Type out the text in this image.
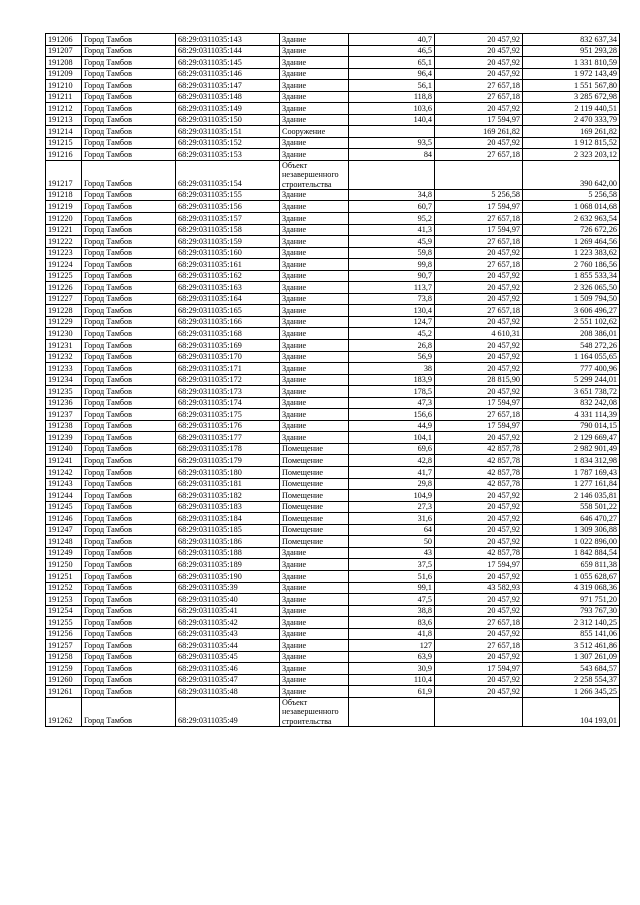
191206	Город Тамбов	68:29:0311035:143	Здание	40,7	20 457,92	832 637,34
191207	Город Тамбов	68:29:0311035:144	Здание	46,5	20 457,92	951 293,28
191208	Город Тамбов	68:29:0311035:145	Здание	65,1	20 457,92	1 331 810,59
191209	Город Тамбов	68:29:0311035:146	Здание	96,4	20 457,92	1 972 143,49
191210	Город Тамбов	68:29:0311035:147	Здание	56,1	27 657,18	1 551 567,80
191211	Город Тамбов	68:29:0311035:148	Здание	118,8	27 657,18	3 285 672,98
191212	Город Тамбов	68:29:0311035:149	Здание	103,6	20 457,92	2 119 440,51
191213	Город Тамбов	68:29:0311035:150	Здание	140,4	17 594,97	2 470 333,79
191214	Город Тамбов	68:29:0311035:151	Сооружение		169 261,82	169 261,82
191215	Город Тамбов	68:29:0311035:152	Здание	93,5	20 457,92	1 912 815,52
191216	Город Тамбов	68:29:0311035:153	Здание	84	27 657,18	2 323 203,12
191217	Город Тамбов	68:29:0311035:154	Объект незавершенного строительства			390 642,00
191218	Город Тамбов	68:29:0311035:155	Здание	34,8	5 256,58	5 256,58
191219	Город Тамбов	68:29:0311035:156	Здание	60,7	17 594,97	1 068 014,68
191220	Город Тамбов	68:29:0311035:157	Здание	95,2	27 657,18	2 632 963,54
191221	Город Тамбов	68:29:0311035:158	Здание	41,3	17 594,97	726 672,26
191222	Город Тамбов	68:29:0311035:159	Здание	45,9	27 657,18	1 269 464,56
191223	Город Тамбов	68:29:0311035:160	Здание	59,8	20 457,92	1 223 383,62
191224	Город Тамбов	68:29:0311035:161	Здание	99,8	27 657,18	2 760 186,56
191225	Город Тамбов	68:29:0311035:162	Здание	90,7	20 457,92	1 855 533,34
191226	Город Тамбов	68:29:0311035:163	Здание	113,7	20 457,92	2 326 065,50
191227	Город Тамбов	68:29:0311035:164	Здание	73,8	20 457,92	1 509 794,50
191228	Город Тамбов	68:29:0311035:165	Здание	130,4	27 657,18	3 606 496,27
191229	Город Тамбов	68:29:0311035:166	Здание	124,7	20 457,92	2 551 102,62
191230	Город Тамбов	68:29:0311035:168	Здание	45,2	4 610,31	208 386,01
191231	Город Тамбов	68:29:0311035:169	Здание	26,8	20 457,92	548 272,26
191232	Город Тамбов	68:29:0311035:170	Здание	56,9	20 457,92	1 164 055,65
191233	Город Тамбов	68:29:0311035:171	Здание	38	20 457,92	777 400,96
191234	Город Тамбов	68:29:0311035:172	Здание	183,9	28 815,90	5 299 244,01
191235	Город Тамбов	68:29:0311035:173	Здание	178,5	20 457,92	3 651 738,72
191236	Город Тамбов	68:29:0311035:174	Здание	47,3	17 594,97	832 242,08
191237	Город Тамбов	68:29:0311035:175	Здание	156,6	27 657,18	4 331 114,39
191238	Город Тамбов	68:29:0311035:176	Здание	44,9	17 594,97	790 014,15
191239	Город Тамбов	68:29:0311035:177	Здание	104,1	20 457,92	2 129 669,47
191240	Город Тамбов	68:29:0311035:178	Помещение	69,6	42 857,78	2 982 901,49
191241	Город Тамбов	68:29:0311035:179	Помещение	42,8	42 857,78	1 834 312,98
191242	Город Тамбов	68:29:0311035:180	Помещение	41,7	42 857,78	1 787 169,43
191243	Город Тамбов	68:29:0311035:181	Помещение	29,8	42 857,78	1 277 161,84
191244	Город Тамбов	68:29:0311035:182	Помещение	104,9	20 457,92	2 146 035,81
191245	Город Тамбов	68:29:0311035:183	Помещение	27,3	20 457,92	558 501,22
191246	Город Тамбов	68:29:0311035:184	Помещение	31,6	20 457,92	646 470,27
191247	Город Тамбов	68:29:0311035:185	Помещение	64	20 457,92	1 309 306,88
191248	Город Тамбов	68:29:0311035:186	Помещение	50	20 457,92	1 022 896,00
191249	Город Тамбов	68:29:0311035:188	Здание	43	42 857,78	1 842 884,54
191250	Город Тамбов	68:29:0311035:189	Здание	37,5	17 594,97	659 811,38
191251	Город Тамбов	68:29:0311035:190	Здание	51,6	20 457,92	1 055 628,67
191252	Город Тамбов	68:29:0311035:39	Здание	99,1	43 582,93	4 319 068,36
191253	Город Тамбов	68:29:0311035:40	Здание	47,5	20 457,92	971 751,20
191254	Город Тамбов	68:29:0311035:41	Здание	38,8	20 457,92	793 767,30
191255	Город Тамбов	68:29:0311035:42	Здание	83,6	27 657,18	2 312 140,25
191256	Город Тамбов	68:29:0311035:43	Здание	41,8	20 457,92	855 141,06
191257	Город Тамбов	68:29:0311035:44	Здание	127	27 657,18	3 512 461,86
191258	Город Тамбов	68:29:0311035:45	Здание	63,9	20 457,92	1 307 261,09
191259	Город Тамбов	68:29:0311035:46	Здание	30,9	17 594,97	543 684,57
191260	Город Тамбов	68:29:0311035:47	Здание	110,4	20 457,92	2 258 554,37
191261	Город Тамбов	68:29:0311035:48	Здание	61,9	20 457,92	1 266 345,25
191262	Город Тамбов	68:29:0311035:49	Объект незавершенного строительства			104 193,01
